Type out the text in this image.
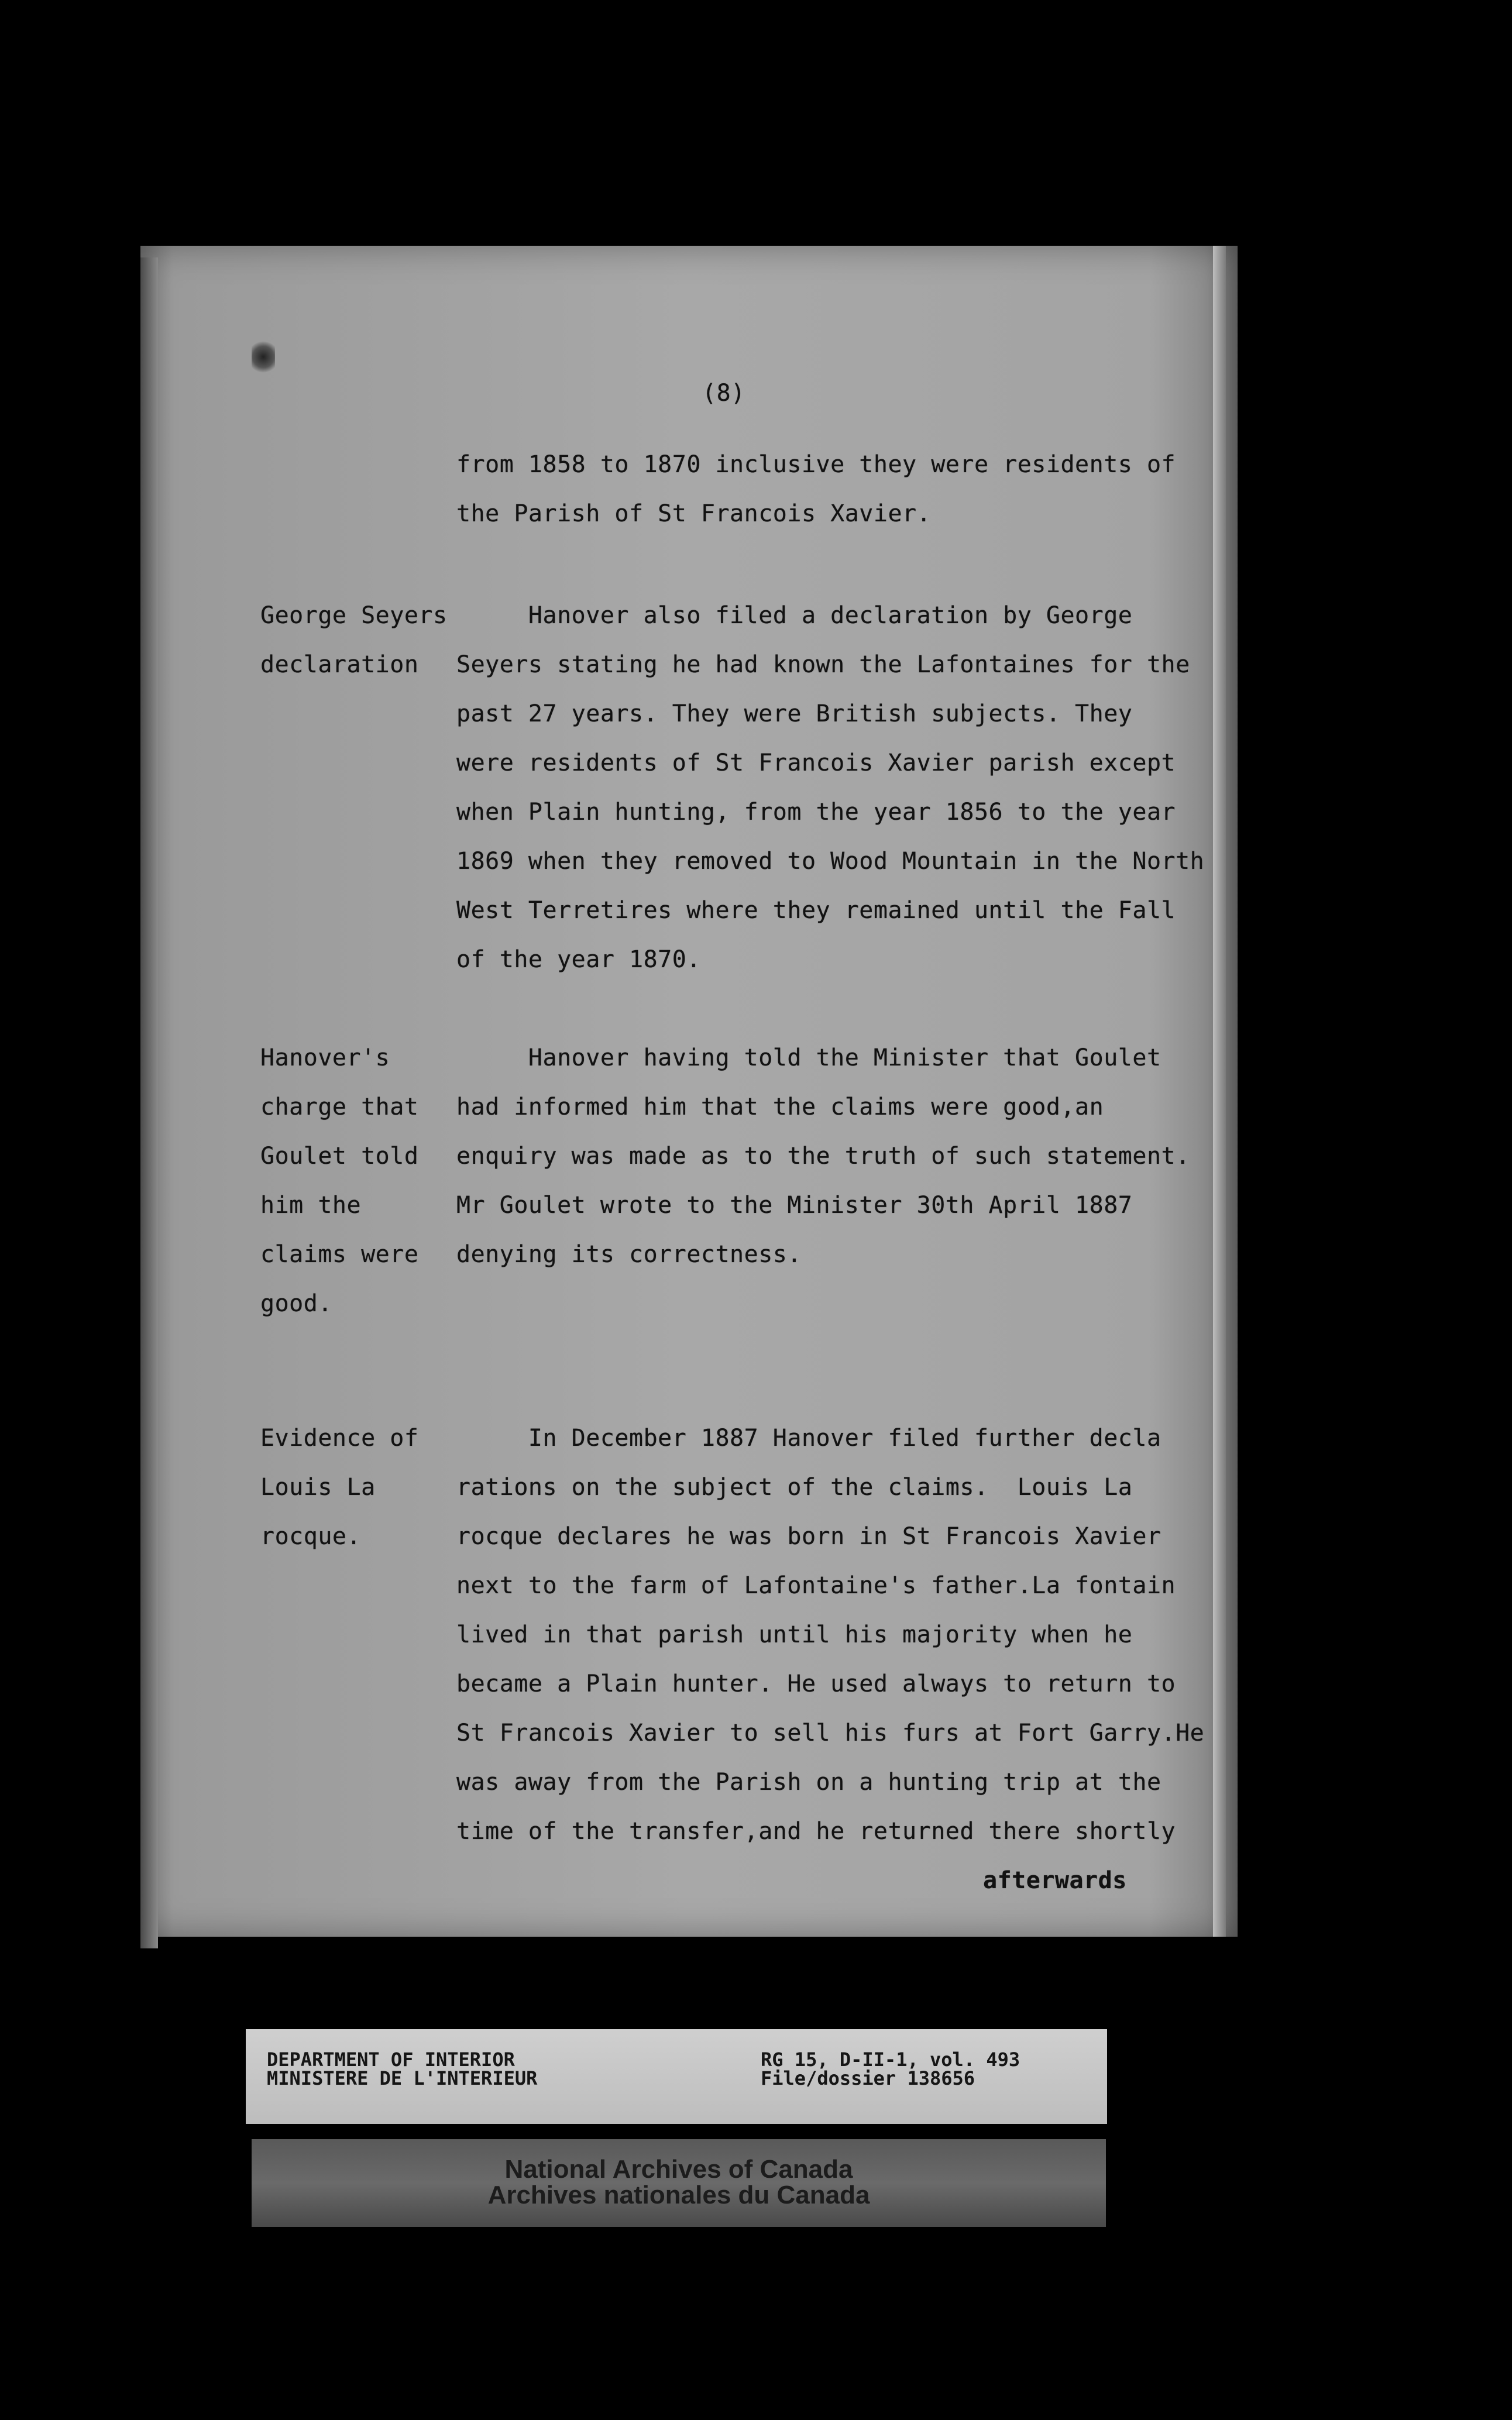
(8)
from 1858 to 1870 inclusive they were residents of
the Parish of St Francois Xavier.
George Seyers
declaration
Hanover also filed a declaration by George
Seyers stating he had known the Lafontaines for the
past 27 years. They were British subjects. They
were residents of St Francois Xavier parish except
when Plain hunting, from the year 1856 to the year
1869 when they removed to Wood Mountain in the North
West Terretires where they remained until the Fall
of the year 1870.
Hanover's
charge that
Goulet told
him the
claims were
good.
Hanover having told the Minister that Goulet
had informed him that the claims were good,an
enquiry was made as to the truth of such statement.
Mr Goulet wrote to the Minister 30th April 1887
denying its correctness.
Evidence of
Louis La
rocque.
In December 1887 Hanover filed further decla
rations on the subject of the claims.  Louis La
rocque declares he was born in St Francois Xavier
next to the farm of Lafontaine's father.La fontain
lived in that parish until his majority when he
became a Plain hunter. He used always to return to
St Francois Xavier to sell his furs at Fort Garry.He
was away from the Parish on a hunting trip at the
time of the transfer,and he returned there shortly
afterwards
DEPARTMENT OF INTERIOR
MINISTERE DE L'INTERIEUR
RG 15, D-II-1, vol. 493
File/dossier 138656
National Archives of Canada
Archives nationales du Canada
